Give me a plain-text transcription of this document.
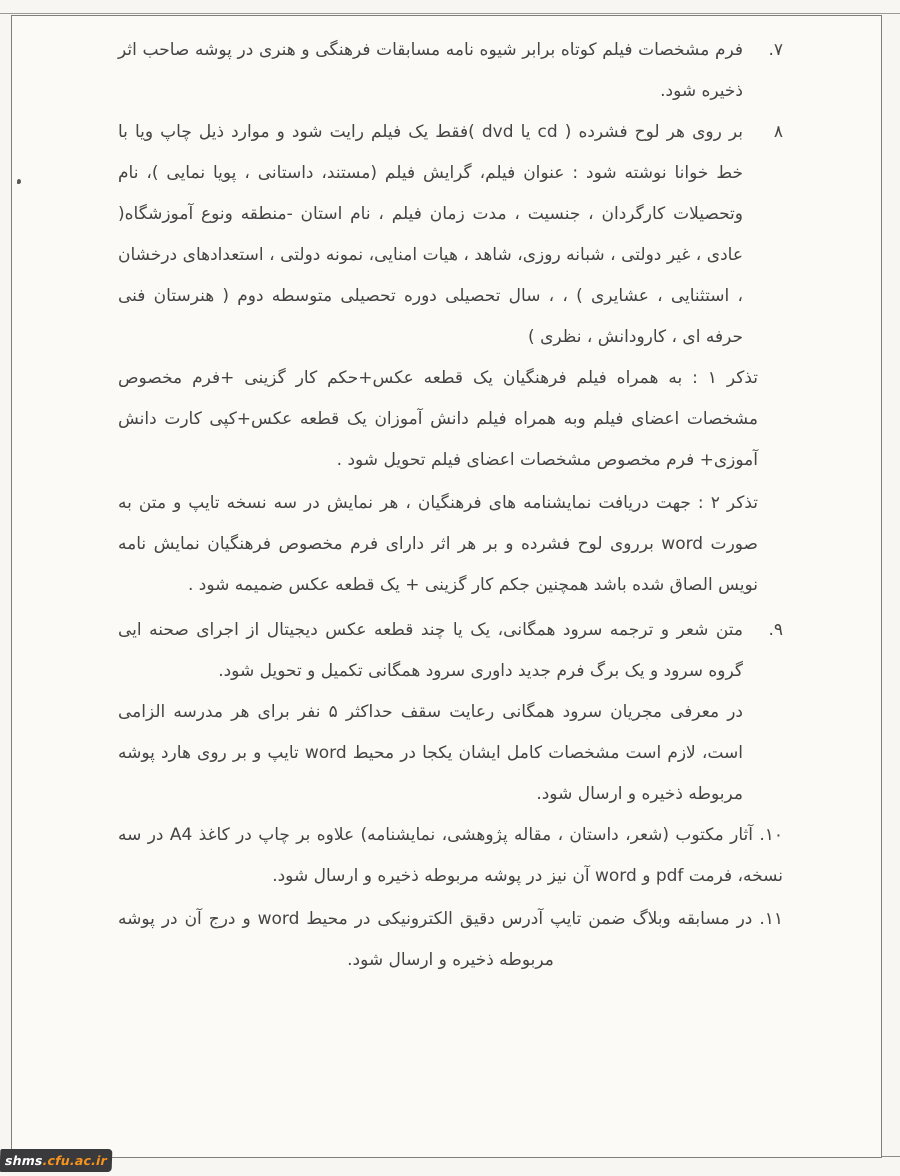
۷.

فرم مشخصات فیلم کوتاه برابر شیوه نامه مسابقات فرهنگی و هنری در پوشه صاحب اثر ذخیره شود.

۸

بر روی هر لوح فشرده ( cd یا dvd )فقط یک فیلم رایت شود و موارد ذیل چاپ ویا با خط خوانا نوشته شود : عنوان فیلم، گرایش فیلم (مستند، داستانی ، پویا نمایی )، نام وتحصیلات کارگردان ، جنسیت ، مدت زمان فیلم ، نام استان -منطقه ونوع آموزشگاه( عادی ، غیر دولتی ، شبانه روزی، شاهد ، هیات امنایی، نمونه دولتی ، استعدادهای درخشان ، استثنایی ، عشایری ) ، ، سال تحصیلی دوره تحصیلی متوسطه دوم ( هنرستان فنی حرفه ای ، کارودانش ، نظری )

تذکر ۱ : به همراه فیلم فرهنگیان یک قطعه عکس+حکم کار گزینی +فرم مخصوص مشخصات اعضای فیلم وبه همراه فیلم دانش آموزان یک قطعه عکس+کپی کارت دانش آموزی+ فرم مخصوص مشخصات اعضای فیلم تحویل شود .

تذکر ۲ : جهت دریافت نمایشنامه های فرهنگیان ، هر نمایش در سه نسخه تایپ و متن به صورت word برروی لوح فشرده و بر هر اثر دارای فرم مخصوص فرهنگیان نمایش نامه نویس الصاق شده باشد همچنین جکم کار گزینی + یک قطعه عکس ضمیمه شود .

۹.

متن شعر و ترجمه سرود همگانی، یک یا چند قطعه عکس دیجیتال از اجرای صحنه ایی گروه سرود و یک برگ فرم جدید داوری سرود همگانی تکمیل و تحویل شود.

در معرفی مجریان سرود همگانی رعایت سقف حداکثر ۵ نفر برای هر مدرسه الزامی است، لازم است مشخصات کامل ایشان یکجا در محیط word تایپ و بر روی هارد پوشه مربوطه ذخیره و ارسال شود.

۱۰. آثار مکتوب (شعر، داستان ، مقاله پژوهشی، نمایشنامه) علاوه بر چاپ در کاغذ A4 در سه نسخه، فرمت pdf و word آن نیز در پوشه مربوطه ذخیره و ارسال شود.

۱۱. در مسابقه وبلاگ ضمن تایپ آدرس دقیق الکترونیکی در محیط word و درج آن در پوشه مربوطه ذخیره و ارسال شود.

shms .cfu.ac.ir
